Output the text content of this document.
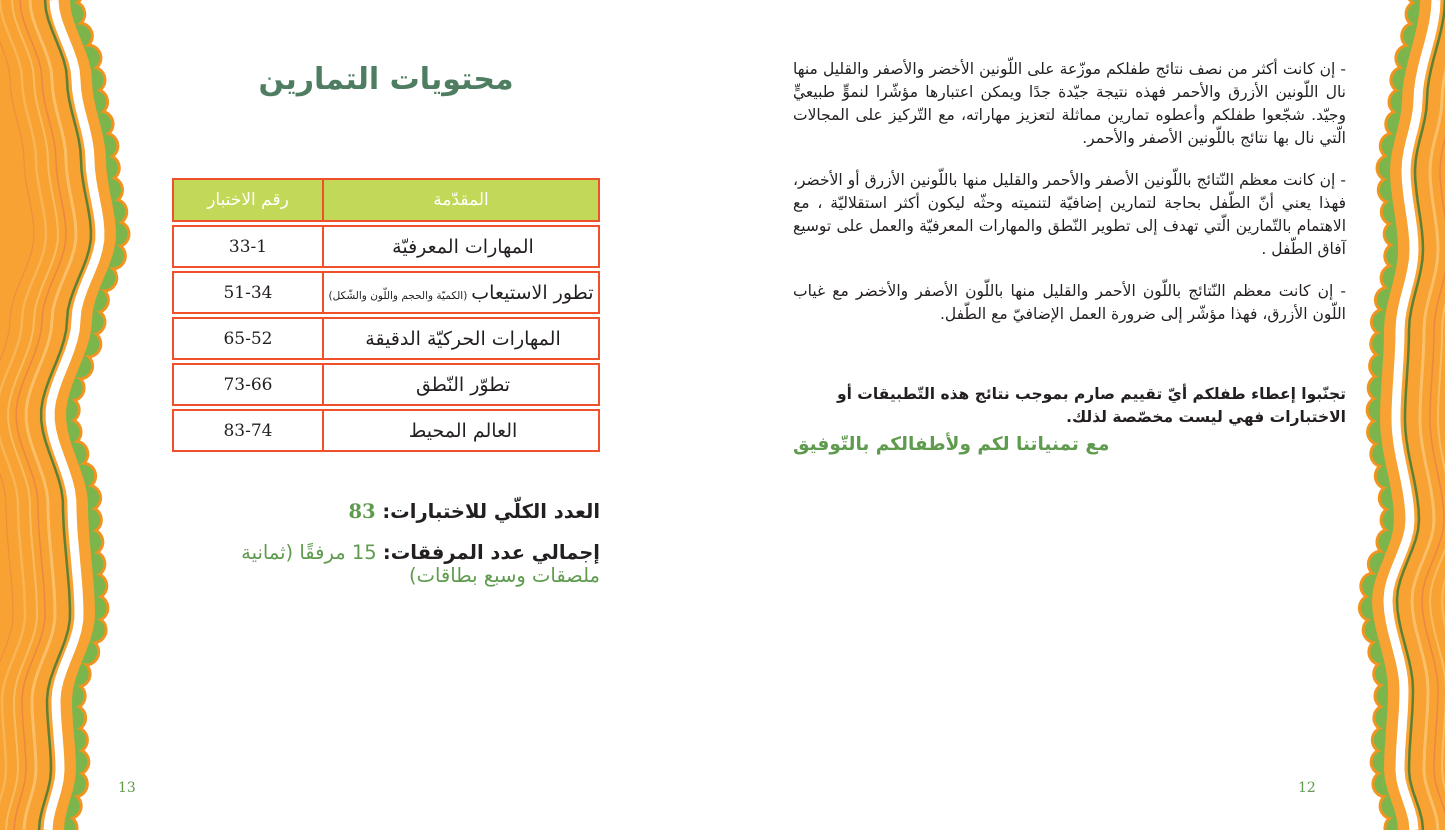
محتويات التمارين
المقدّمة
رقم الاختبار
المهارات المعرفيّة
33-1
تطور الاستيعاب
(الكميّة والحجم واللّون والشّكل)
51-34
المهارات الحركيّة الدقيقة
65-52
تطوّر النّطق
73-66
العالم المحيط
83-74
العدد الكلّي للاختبارات: 83
إجمالي عدد المرفقات: 15 مرفقًا (ثمانية ملصقات وسبع بطاقات)
13

- إن كانت أكثر من نصف نتائج طفلكم موزّعة على اللّونين الأخضر والأصفر والقليل منها نال اللّونين الأزرق والأحمر فهذه نتيجة جيّدة جدًا ويمكن اعتبارها مؤشّرا لنموٍّ طبيعيٍّ وجيّد. شجّعوا طفلكم وأعطوه تمارين مماثلة لتعزيز مهاراته، مع التّركيز على المجالات الّتي نال بها نتائج باللّونين الأصفر والأحمر.

- إن كانت معظم النّتائج باللّونين الأصفر والأحمر والقليل منها باللّونين الأزرق أو الأخضر، فهذا يعني أنّ الطّفل بحاجة لتمارين إضافيّة لتنميته وحثّه ليكون أكثر استقلاليّة ، مع الاهتمام بالتّمارين الّتي تهدف إلى تطوير النّطق والمهارات المعرفيّة والعمل على توسيع آفاق الطّفل .

- إن كانت معظم النّتائج باللّون الأحمر والقليل منها باللّون الأصفر والأخضر مع غياب اللّون الأزرق، فهذا مؤشّر إلى ضرورة العمل الإضافيّ مع الطّفل.

تجنّبوا إعطاء طفلكم أيّ تقييم صارم بموجب نتائج هذه التّطبيقات أو الاختبارات فهي ليست مخصّصة لذلك.
مع تمنياتنا لكم ولأطفالكم بالتّوفيق
12
